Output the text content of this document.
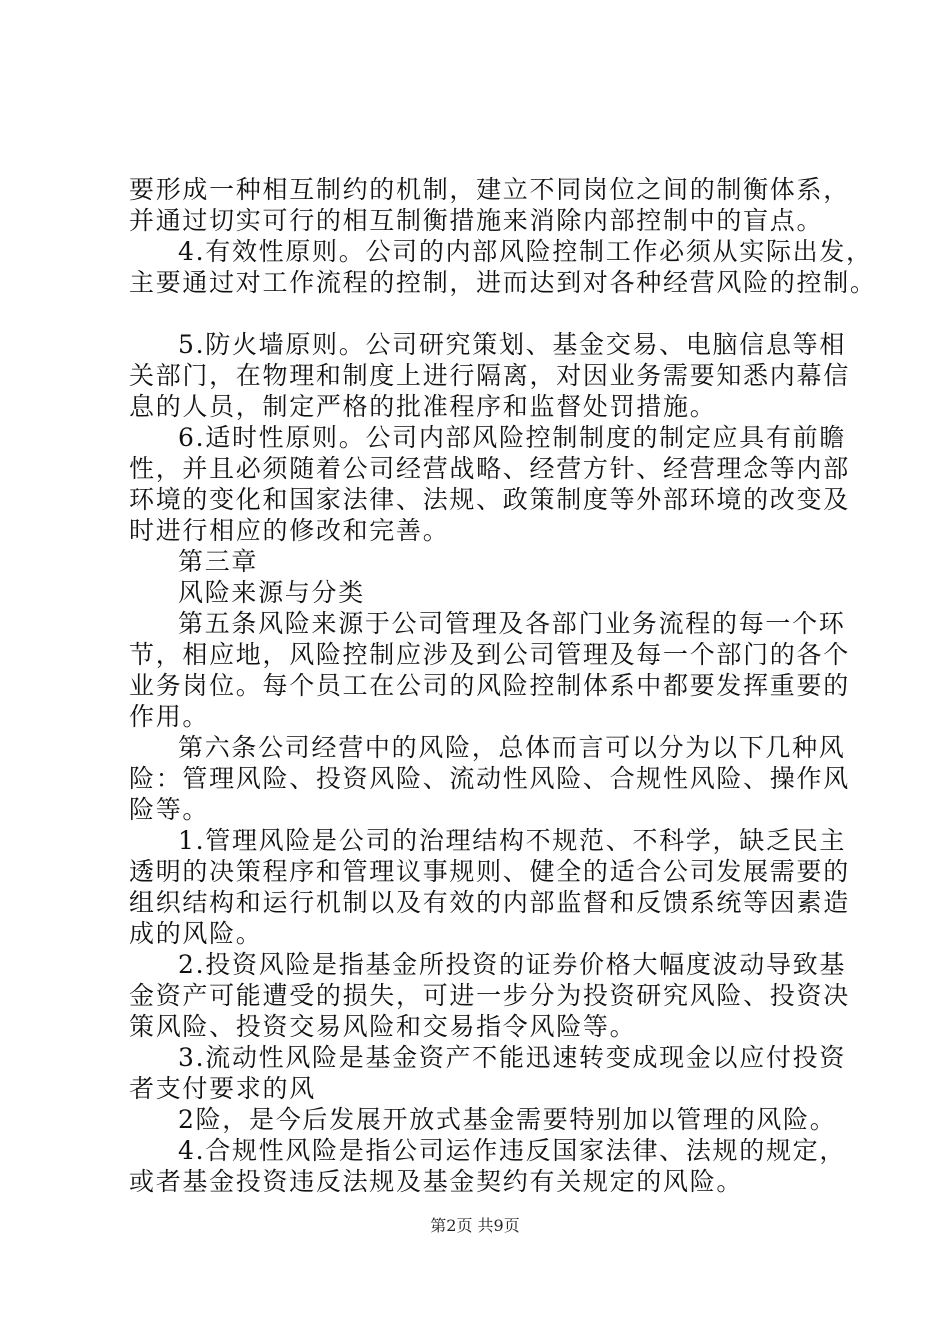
要形成一种相互制约的机制，建立不同岗位之间的制衡体系，
并通过切实可行的相互制衡措施来消除内部控制中的盲点。
4.有效性原则。公司的内部风险控制工作必须从实际出发，
主要通过对工作流程的控制，进而达到对各种经营风险的控制。
5.防火墙原则。公司研究策划、基金交易、电脑信息等相
关部门，在物理和制度上进行隔离，对因业务需要知悉内幕信
息的人员，制定严格的批准程序和监督处罚措施。
6.适时性原则。公司内部风险控制制度的制定应具有前瞻
性，并且必须随着公司经营战略、经营方针、经营理念等内部
环境的变化和国家法律、法规、政策制度等外部环境的改变及
时进行相应的修改和完善。
第三章
风险来源与分类
第五条风险来源于公司管理及各部门业务流程的每一个环
节，相应地，风险控制应涉及到公司管理及每一个部门的各个
业务岗位。每个员工在公司的风险控制体系中都要发挥重要的
作用。
第六条公司经营中的风险，总体而言可以分为以下几种风
险：管理风险、投资风险、流动性风险、合规性风险、操作风
险等。
1.管理风险是公司的治理结构不规范、不科学，缺乏民主
透明的决策程序和管理议事规则、健全的适合公司发展需要的
组织结构和运行机制以及有效的内部监督和反馈系统等因素造
成的风险。
2.投资风险是指基金所投资的证券价格大幅度波动导致基
金资产可能遭受的损失，可进一步分为投资研究风险、投资决
策风险、投资交易风险和交易指令风险等。
3.流动性风险是基金资产不能迅速转变成现金以应付投资
者支付要求的风
2险，是今后发展开放式基金需要特别加以管理的风险。
4.合规性风险是指公司运作违反国家法律、法规的规定，
或者基金投资违反法规及基金契约有关规定的风险。
第2页 共9页
